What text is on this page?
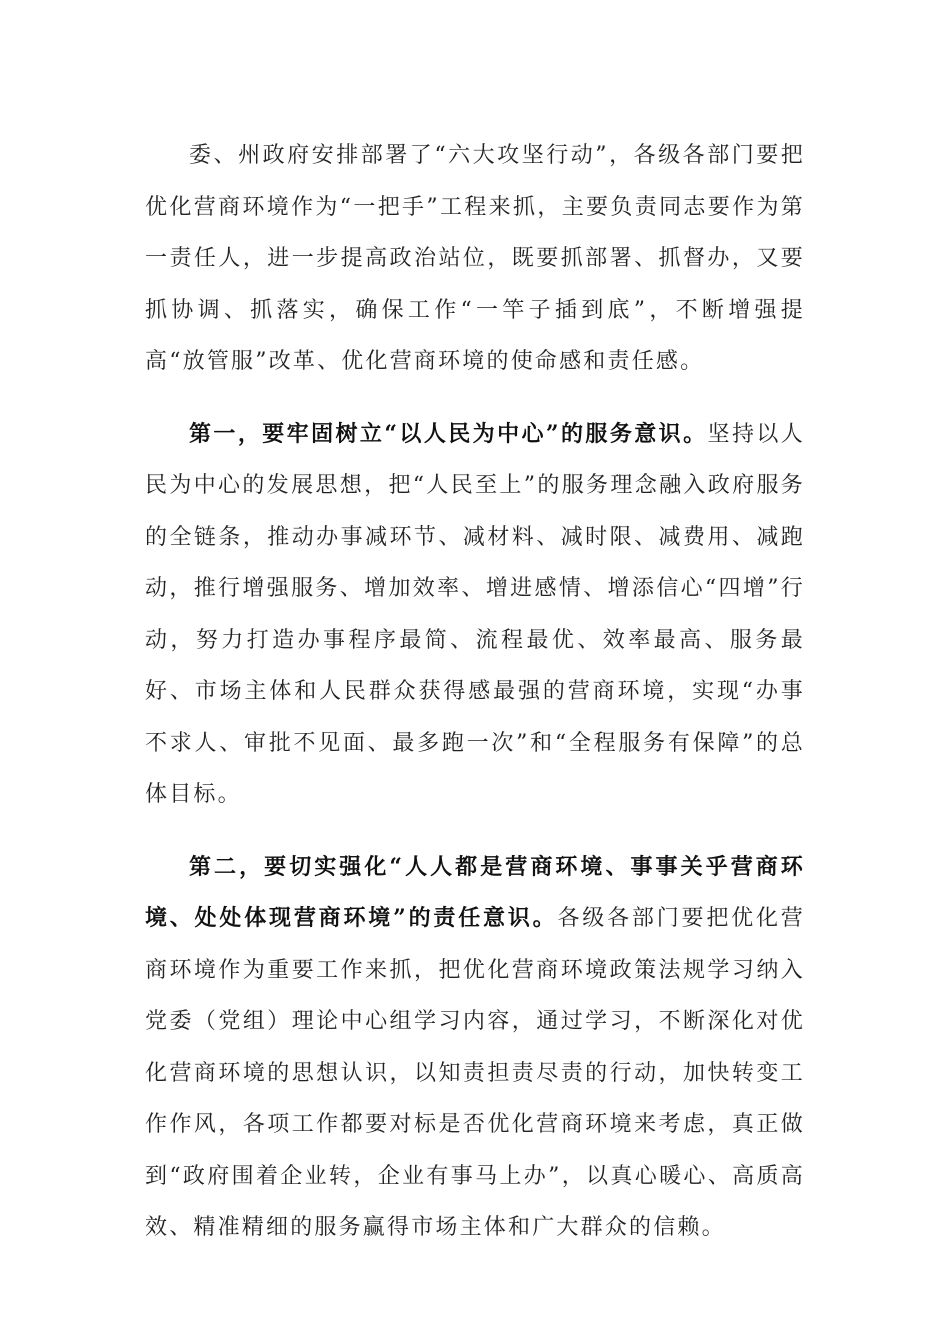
委、州政府安排部署了“六大攻坚行动”，各级各部门要把优化营商环境作为“一把手”工程来抓，主要负责同志要作为第一责任人，进一步提高政治站位，既要抓部署、抓督办，又要抓协调、抓落实，确保工作“一竿子插到底”，不断增强提高“放管服”改革、优化营商环境的使命感和责任感。

第一，要牢固树立“以人民为中心”的服务意识。坚持以人民为中心的发展思想，把“人民至上”的服务理念融入政府服务的全链条，推动办事减环节、减材料、减时限、减费用、减跑动，推行增强服务、增加效率、增进感情、增添信心“四增”行动，努力打造办事程序最简、流程最优、效率最高、服务最好、市场主体和人民群众获得感最强的营商环境，实现“办事不求人、审批不见面、最多跑一次”和“全程服务有保障”的总体目标。

第二，要切实强化“人人都是营商环境、事事关乎营商环境、处处体现营商环境”的责任意识。各级各部门要把优化营商环境作为重要工作来抓，把优化营商环境政策法规学习纳入党委（党组）理论中心组学习内容，通过学习，不断深化对优化营商环境的思想认识，以知责担责尽责的行动，加快转变工作作风，各项工作都要对标是否优化营商环境来考虑，真正做到“政府围着企业转，企业有事马上办”，以真心暖心、高质高效、精准精细的服务赢得市场主体和广大群众的信赖。
